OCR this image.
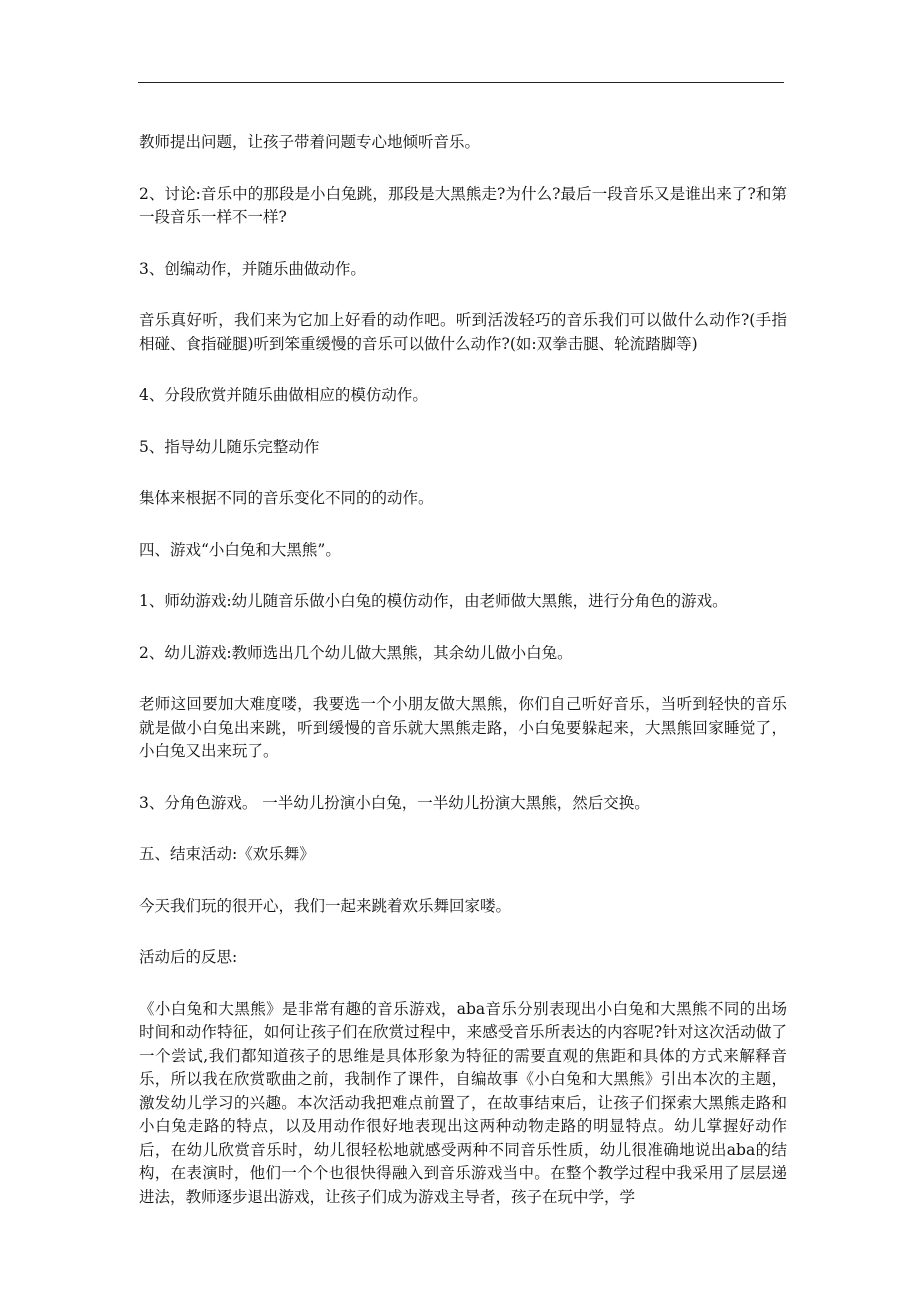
教师提出问题，让孩子带着问题专心地倾听音乐。

2、讨论:音乐中的那段是小白兔跳，那段是大黑熊走?为什么?最后一段音乐又是谁出来了?和第一段音乐一样不一样?

3、创编动作，并随乐曲做动作。

音乐真好听，我们来为它加上好看的动作吧。听到活泼轻巧的音乐我们可以做什么动作?(手指相碰、食指碰腿)听到笨重缓慢的音乐可以做什么动作?(如:双拳击腿、轮流踏脚等)

4、分段欣赏并随乐曲做相应的模仿动作。

5、指导幼儿随乐完整动作

集体来根据不同的音乐变化不同的的动作。

四、游戏“小白兔和大黑熊”。

1、师幼游戏:幼儿随音乐做小白兔的模仿动作，由老师做大黑熊，进行分角色的游戏。

2、幼儿游戏:教师选出几个幼儿做大黑熊，其余幼儿做小白兔。

老师这回要加大难度喽，我要选一个小朋友做大黑熊，你们自己听好音乐，当听到轻快的音乐就是做小白兔出来跳，听到缓慢的音乐就大黑熊走路，小白兔要躲起来，大黑熊回家睡觉了，小白兔又出来玩了。

3、分角色游戏。 一半幼儿扮演小白兔，一半幼儿扮演大黑熊，然后交换。

五、结束活动:《欢乐舞》

今天我们玩的很开心，我们一起来跳着欢乐舞回家喽。

活动后的反思:

《小白兔和大黑熊》是非常有趣的音乐游戏，aba音乐分别表现出小白兔和大黑熊不同的出场时间和动作特征，如何让孩子们在欣赏过程中，来感受音乐所表达的内容呢?针对这次活动做了一个尝试,我们都知道孩子的思维是具体形象为特征的需要直观的焦距和具体的方式来解释音乐，所以我在欣赏歌曲之前，我制作了课件，自编故事《小白兔和大黑熊》引出本次的主题，激发幼儿学习的兴趣。本次活动我把难点前置了，在故事结束后，让孩子们探索大黑熊走路和小白兔走路的特点，以及用动作很好地表现出这两种动物走路的明显特点。幼儿掌握好动作后，在幼儿欣赏音乐时，幼儿很轻松地就感受两种不同音乐性质，幼儿很准确地说出aba的结构，在表演时，他们一个个也很快得融入到音乐游戏当中。在整个教学过程中我采用了层层递进法，教师逐步退出游戏，让孩子们成为游戏主导者，孩子在玩中学，学
